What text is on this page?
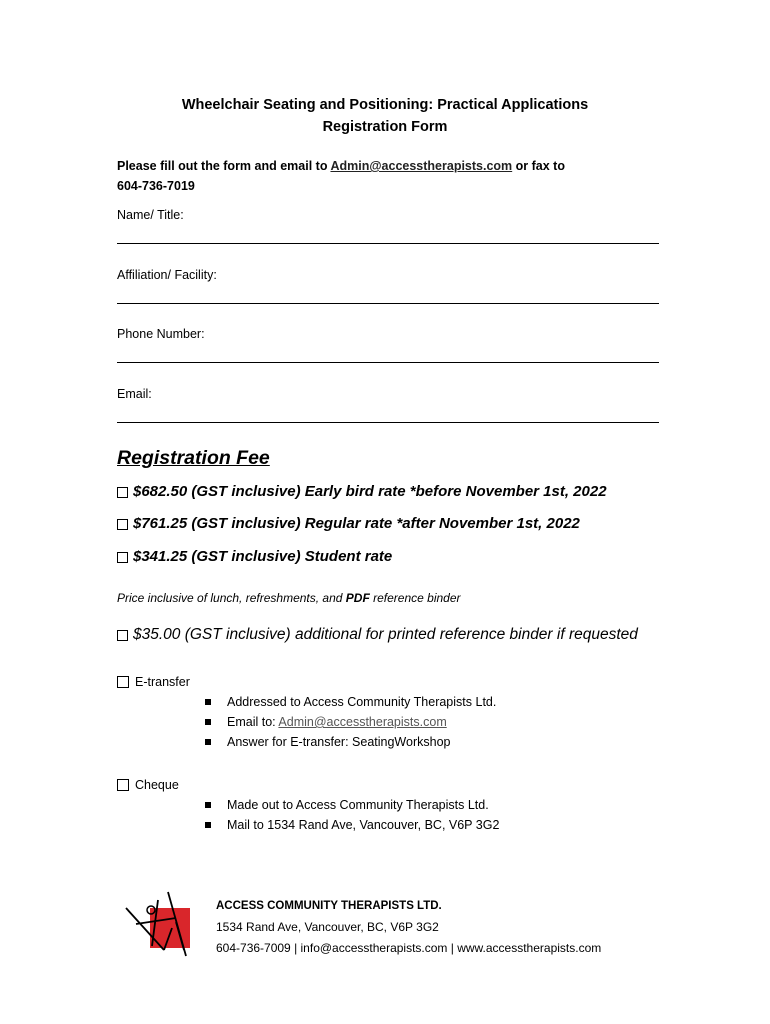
Wheelchair Seating and Positioning: Practical Applications
Registration Form
Please fill out the form and email to Admin@accesstherapists.com or fax to
604-736-7019
Name/ Title:
Affiliation/ Facility:
Phone Number:
Email:
Registration Fee
$682.50 (GST inclusive) Early bird rate *before November 1st, 2022
$761.25 (GST inclusive) Regular rate *after November 1st, 2022
$341.25 (GST inclusive) Student rate
Price inclusive of lunch, refreshments, and PDF reference binder
$35.00 (GST inclusive) additional for printed reference binder if requested
E-transfer
Addressed to Access Community Therapists Ltd.
Email to: Admin@accesstherapists.com
Answer for E-transfer: SeatingWorkshop
Cheque
Made out to Access Community Therapists Ltd.
Mail to 1534 Rand Ave, Vancouver, BC, V6P 3G2
ACCESS COMMUNITY THERAPISTS LTD.
1534 Rand Ave, Vancouver, BC, V6P 3G2
604-736-7009 | info@accesstherapists.com | www.accesstherapists.com
